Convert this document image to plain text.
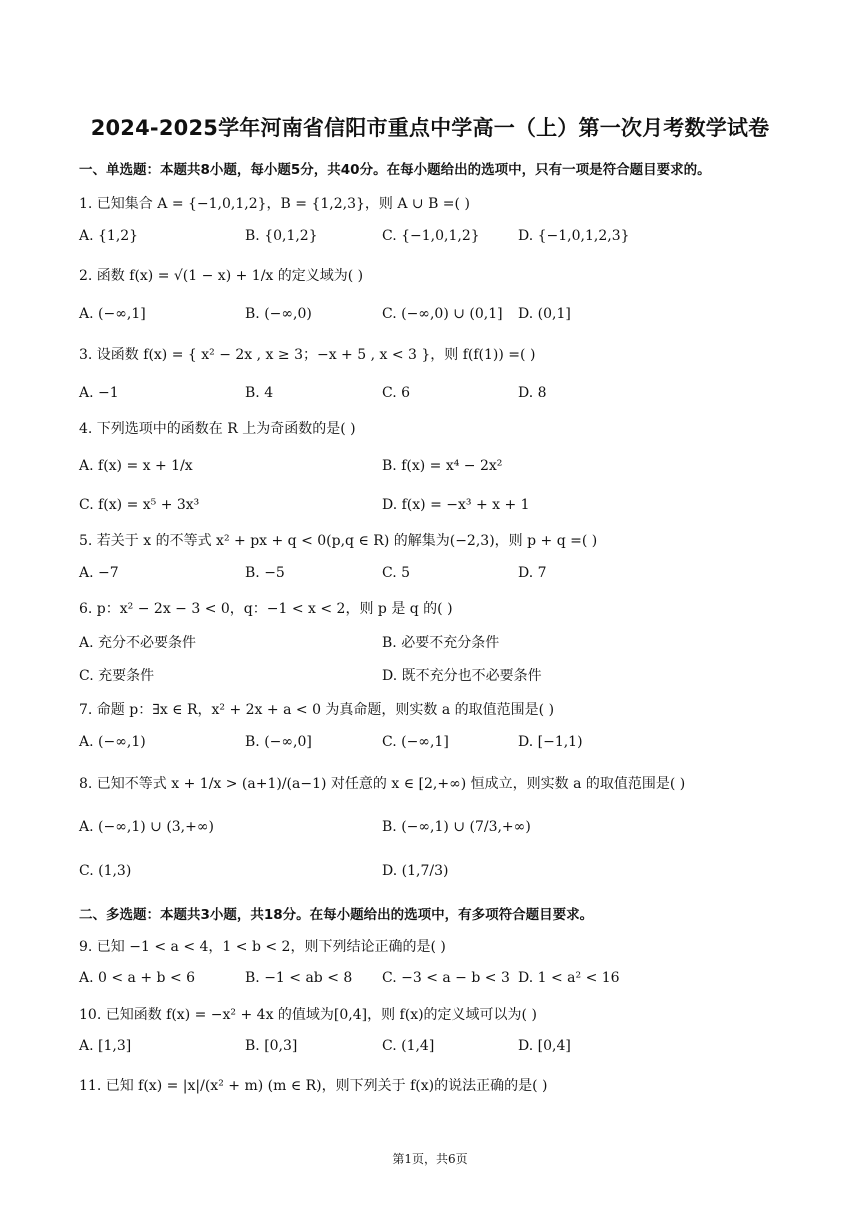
2024-2025学年河南省信阳市重点中学高一（上）第一次月考数学试卷
一、单选题：本题共8小题，每小题5分，共40分。在每小题给出的选项中，只有一项是符合题目要求的。
1. 已知集合 A = {−1,0,1,2}，B = {1,2,3}，则 A ∪ B =( )
A. {1,2}	B. {0,1,2}	C. {−1,0,1,2}	D. {−1,0,1,2,3}
2. 函数 f(x) = √(1 − x) + 1/x 的定义域为( )
A. (−∞,1]	B. (−∞,0)	C. (−∞,0) ∪ (0,1] D. (0,1]
3. 设函数 f(x) = { x² − 2x , x ≥ 3；−x + 5 , x < 3 }，则 f(f(1)) =( )
A. −1	B. 4	C. 6	D. 8
4. 下列选项中的函数在 R 上为奇函数的是( )
A. f(x) = x + 1/x	B. f(x) = x⁴ − 2x²
C. f(x) = x⁵ + 3x³	D. f(x) = −x³ + x + 1
5. 若关于 x 的不等式 x² + px + q < 0(p,q ∈ R) 的解集为(−2,3)，则 p + q =( )
A. −7	B. −5	C. 5	D. 7
6. p：x² − 2x − 3 < 0，q：−1 < x < 2，则 p 是 q 的( )
A. 充分不必要条件	B. 必要不充分条件
C. 充要条件	D. 既不充分也不必要条件
7. 命题 p：∃x ∈ R，x² + 2x + a < 0 为真命题，则实数 a 的取值范围是( )
A. (−∞,1)	B. (−∞,0]	C. (−∞,1]	D. [−1,1)
8. 已知不等式 x + 1/x > (a+1)/(a−1) 对任意的 x ∈ [2,+∞) 恒成立，则实数 a 的取值范围是( )
A. (−∞,1) ∪ (3,+∞)	B. (−∞,1) ∪ (7/3,+∞)
C. (1,3)	D. (1,7/3)
二、多选题：本题共3小题，共18分。在每小题给出的选项中，有多项符合题目要求。
9. 已知 −1 < a < 4，1 < b < 2，则下列结论正确的是( )
A. 0 < a + b < 6	B. −1 < ab < 8 C. −3 < a − b < 3 D. 1 < a² < 16
10. 已知函数 f(x) = −x² + 4x 的值域为[0,4]，则 f(x)的定义域可以为( )
A. [1,3]	B. [0,3]	C. (1,4]	D. [0,4]
11. 已知 f(x) = |x|/(x² + m) (m ∈ R)，则下列关于 f(x)的说法正确的是( )
第1页，共6页
